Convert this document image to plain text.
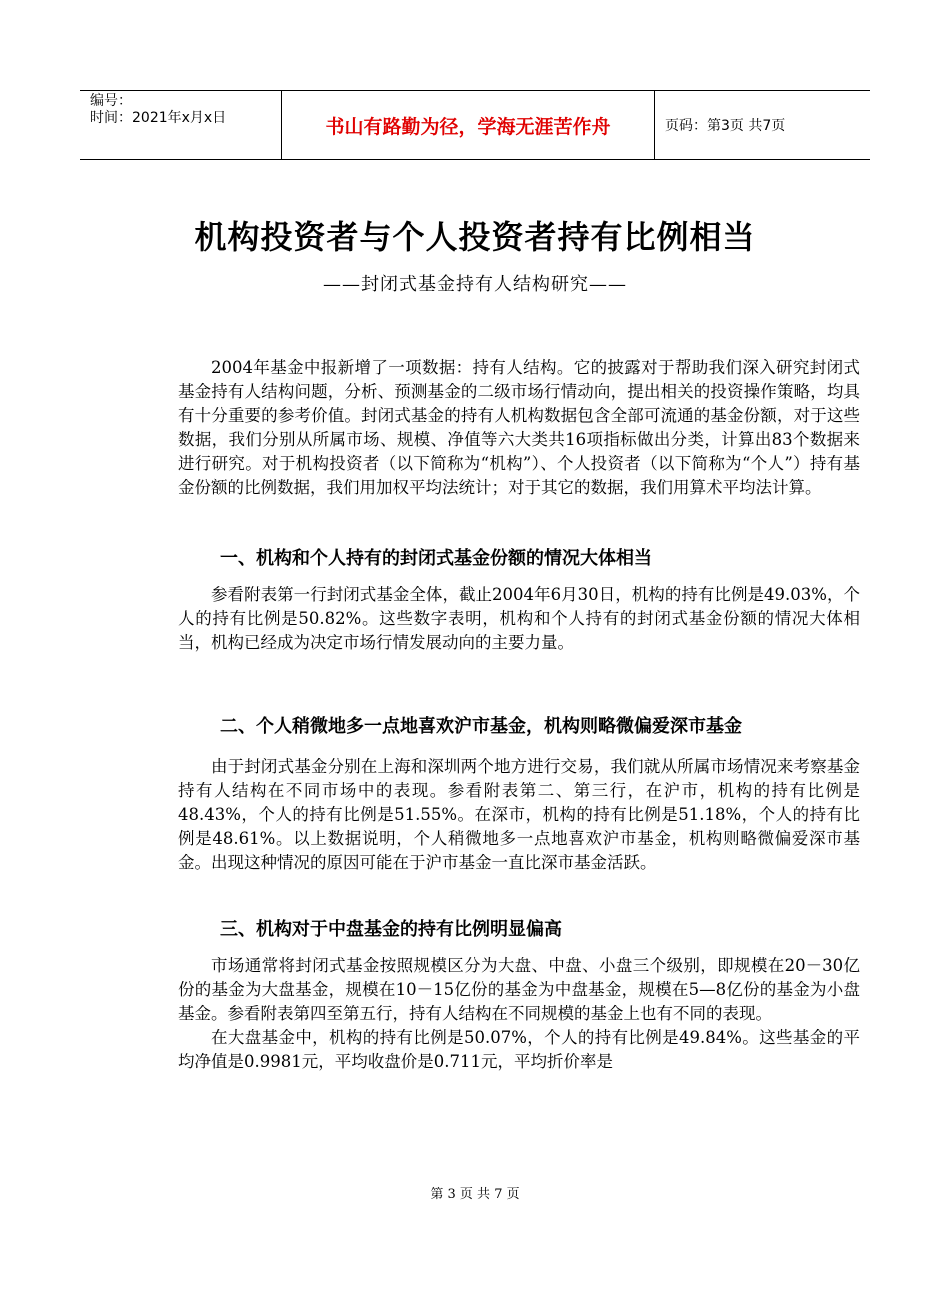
编号：
时间：2021年x月x日	书山有路勤为径，学海无涯苦作舟	页码：第3页 共7页
机构投资者与个人投资者持有比例相当
——封闭式基金持有人结构研究——

2004年基金中报新增了一项数据：持有人结构。它的披露对于帮助我们深入研究封闭式基金持有人结构问题，分析、预测基金的二级市场行情动向，提出相关的投资操作策略，均具有十分重要的参考价值。封闭式基金的持有人机构数据包含全部可流通的基金份额，对于这些数据，我们分别从所属市场、规模、净值等六大类共16项指标做出分类，计算出83个数据来进行研究。对于机构投资者（以下简称为“机构”）、个人投资者（以下简称为“个人”）持有基金份额的比例数据，我们用加权平均法统计；对于其它的数据，我们用算术平均法计算。

一、机构和个人持有的封闭式基金份额的情况大体相当

参看附表第一行封闭式基金全体，截止2004年6月30日，机构的持有比例是49.03%，个人的持有比例是50.82%。这些数字表明，机构和个人持有的封闭式基金份额的情况大体相当，机构已经成为决定市场行情发展动向的主要力量。

二、个人稍微地多一点地喜欢沪市基金，机构则略微偏爱深市基金

由于封闭式基金分别在上海和深圳两个地方进行交易，我们就从所属市场情况来考察基金持有人结构在不同市场中的表现。参看附表第二、第三行，在沪市，机构的持有比例是48.43%，个人的持有比例是51.55%。在深市，机构的持有比例是51.18%，个人的持有比例是48.61%。以上数据说明，个人稍微地多一点地喜欢沪市基金，机构则略微偏爱深市基金。出现这种情况的原因可能在于沪市基金一直比深市基金活跃。

三、机构对于中盘基金的持有比例明显偏高

市场通常将封闭式基金按照规模区分为大盘、中盘、小盘三个级别，即规模在20－30亿份的基金为大盘基金，规模在10－15亿份的基金为中盘基金，规模在5—8亿份的基金为小盘基金。参看附表第四至第五行，持有人结构在不同规模的基金上也有不同的表现。

在大盘基金中，机构的持有比例是50.07%，个人的持有比例是49.84%。这些基金的平均净值是0.9981元，平均收盘价是0.711元，平均折价率是

第 3 页 共 7 页
